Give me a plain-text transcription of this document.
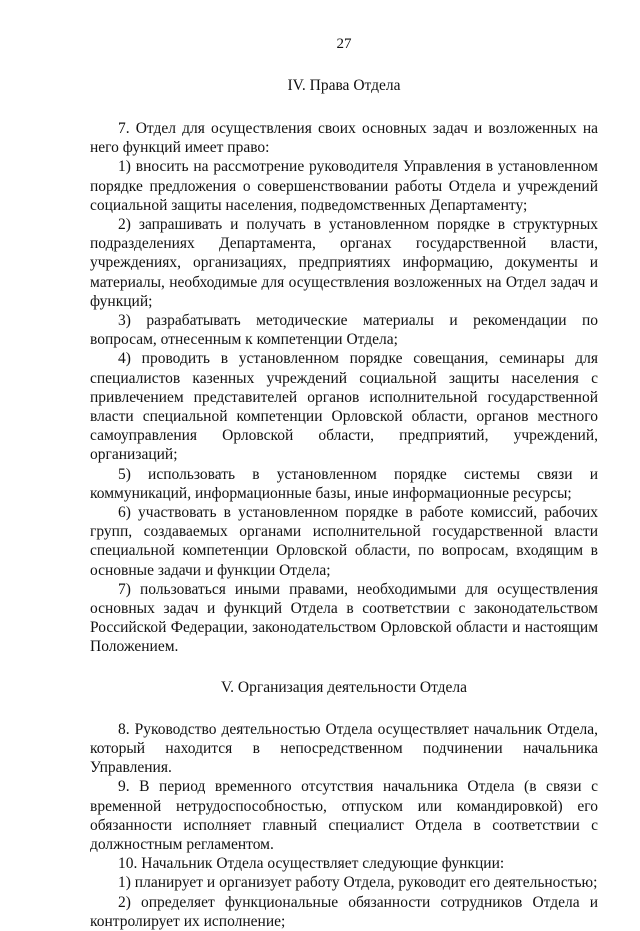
27
IV. Права Отдела

7. Отдел для осуществления своих основных задач и возложенных на него функций имеет право:

1) вносить на рассмотрение руководителя Управления в установленном порядке предложения о совершенствовании работы Отдела и учреждений социальной защиты населения, подведомственных Департаменту;

2) запрашивать и получать в установленном порядке в структурных подразделениях Департамента, органах государственной власти, учреждениях, организациях, предприятиях информацию, документы и материалы, необходимые для осуществления возложенных на Отдел задач и функций;

3) разрабатывать методические материалы и рекомендации по вопросам, отнесенным к компетенции Отдела;

4) проводить в установленном порядке совещания, семинары для специалистов казенных учреждений социальной защиты населения с привлечением представителей органов исполнительной государственной власти специальной компетенции Орловской области, органов местного самоуправления Орловской области, предприятий, учреждений, организаций;

5) использовать в установленном порядке системы связи и коммуникаций, информационные базы, иные информационные ресурсы;

6) участвовать в установленном порядке в работе комиссий, рабочих групп, создаваемых органами исполнительной государственной власти специальной компетенции Орловской области, по вопросам, входящим в основные задачи и функции Отдела;

7) пользоваться иными правами, необходимыми для осуществления основных задач и функций Отдела в соответствии с законодательством Российской Федерации, законодательством Орловской области и настоящим Положением.

V. Организация деятельности Отдела

8. Руководство деятельностью Отдела осуществляет начальник Отдела, который находится в непосредственном подчинении начальника Управления.

9. В период временного отсутствия начальника Отдела (в связи с временной нетрудоспособностью, отпуском или командировкой) его обязанности исполняет главный специалист Отдела в соответствии с должностным регламентом.

10. Начальник Отдела осуществляет следующие функции:

1) планирует и организует работу Отдела, руководит его деятельностью;

2) определяет функциональные обязанности сотрудников Отдела и контролирует их исполнение;
